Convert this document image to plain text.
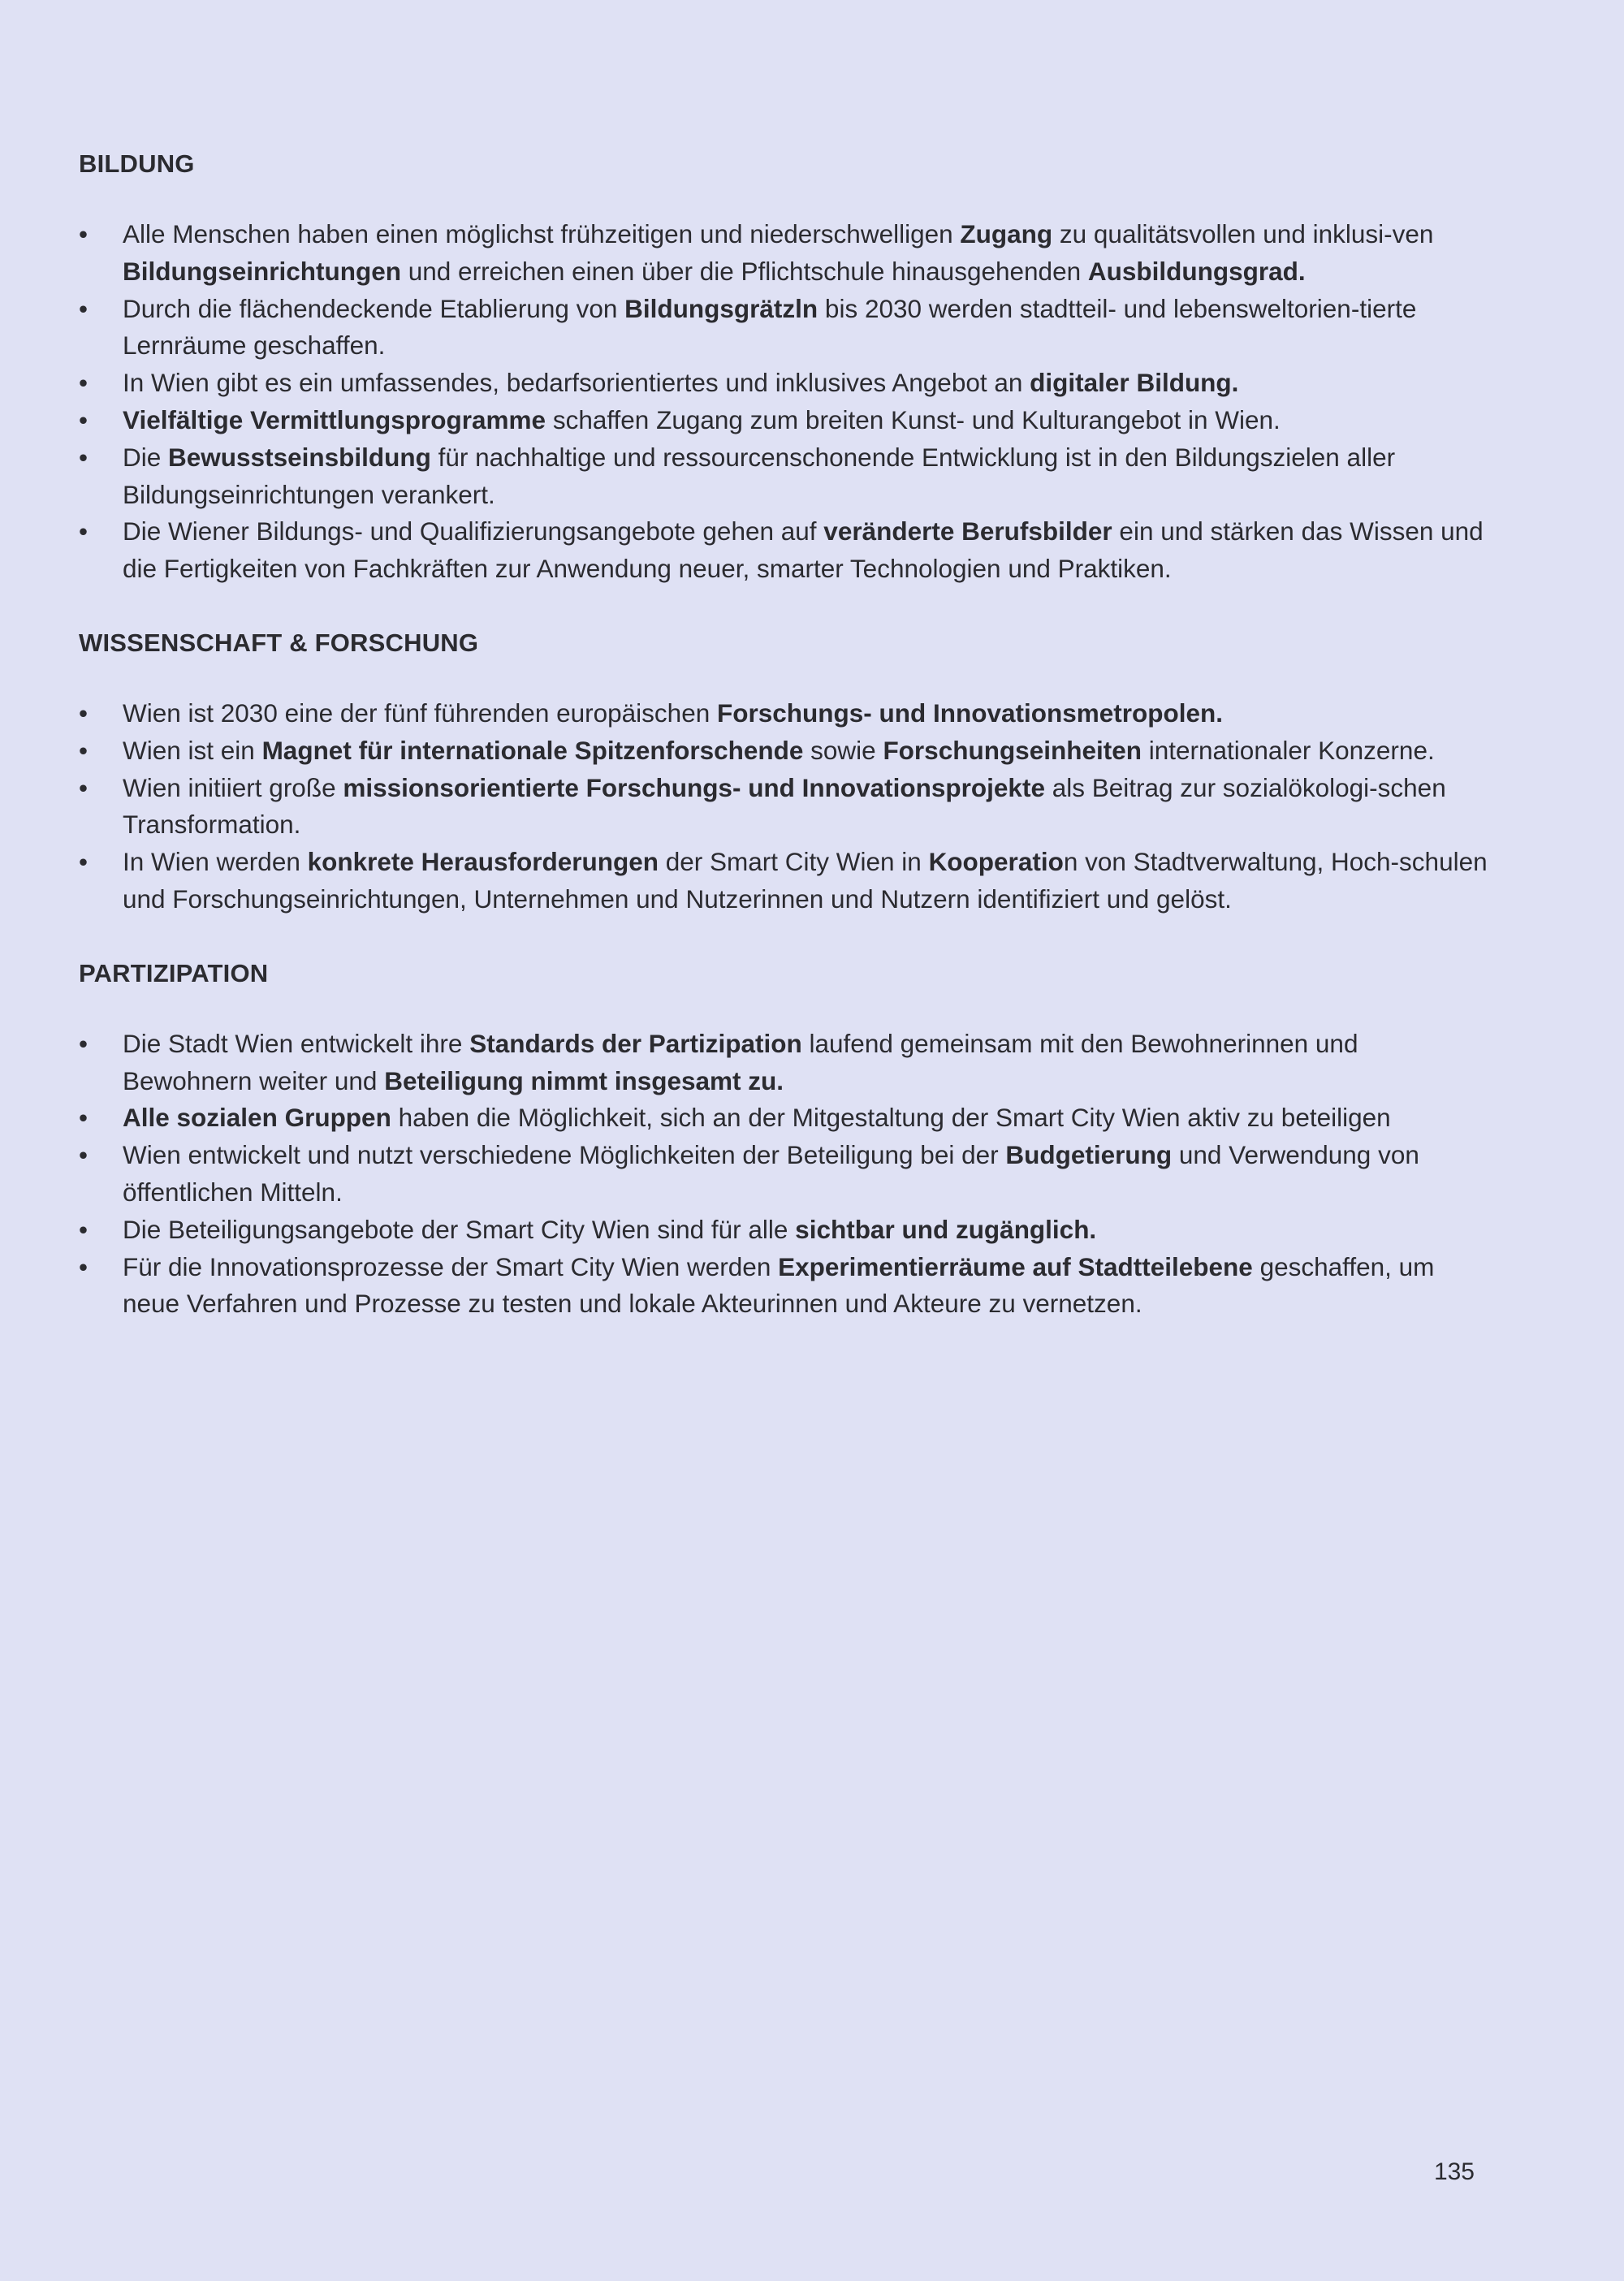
BILDUNG
• Alle Menschen haben einen möglichst frühzeitigen und niederschwelligen Zugang zu qualitätsvollen und inklusi-ven Bildungseinrichtungen und erreichen einen über die Pflichtschule hinausgehenden Ausbildungsgrad.
• Durch die flächendeckende Etablierung von Bildungsgrätzln bis 2030 werden stadtteil- und lebensweltorien-tierte Lernräume geschaffen.
• In Wien gibt es ein umfassendes, bedarfsorientiertes und inklusives Angebot an digitaler Bildung.
• Vielfältige Vermittlungsprogramme schaffen Zugang zum breiten Kunst- und Kulturangebot in Wien.
• Die Bewusstseinsbildung für nachhaltige und ressourcenschonende Entwicklung ist in den Bildungszielen aller Bildungseinrichtungen verankert.
• Die Wiener Bildungs- und Qualifizierungsangebote gehen auf veränderte Berufsbilder ein und stärken das Wissen und die Fertigkeiten von Fachkräften zur Anwendung neuer, smarter Technologien und Praktiken.
WISSENSCHAFT & FORSCHUNG
• Wien ist 2030 eine der fünf führenden europäischen Forschungs- und Innovationsmetropolen.
• Wien ist ein Magnet für internationale Spitzenforschende sowie Forschungseinheiten internationaler Konzerne.
• Wien initiiert große missionsorientierte Forschungs- und Innovationsprojekte als Beitrag zur sozialökologi-schen Transformation.
• In Wien werden konkrete Herausforderungen der Smart City Wien in Kooperation von Stadtverwaltung, Hoch-schulen und Forschungseinrichtungen, Unternehmen und Nutzerinnen und Nutzern identifiziert und gelöst.
PARTIZIPATION
• Die Stadt Wien entwickelt ihre Standards der Partizipation laufend gemeinsam mit den Bewohnerinnen und Bewohnern weiter und Beteiligung nimmt insgesamt zu.
• Alle sozialen Gruppen haben die Möglichkeit, sich an der Mitgestaltung der Smart City Wien aktiv zu beteiligen
• Wien entwickelt und nutzt verschiedene Möglichkeiten der Beteiligung bei der Budgetierung und Verwendung von öffentlichen Mitteln.
• Die Beteiligungsangebote der Smart City Wien sind für alle sichtbar und zugänglich.
• Für die Innovationsprozesse der Smart City Wien werden Experimentierräume auf Stadtteilebene geschaffen, um neue Verfahren und Prozesse zu testen und lokale Akteurinnen und Akteure zu vernetzen.
135
